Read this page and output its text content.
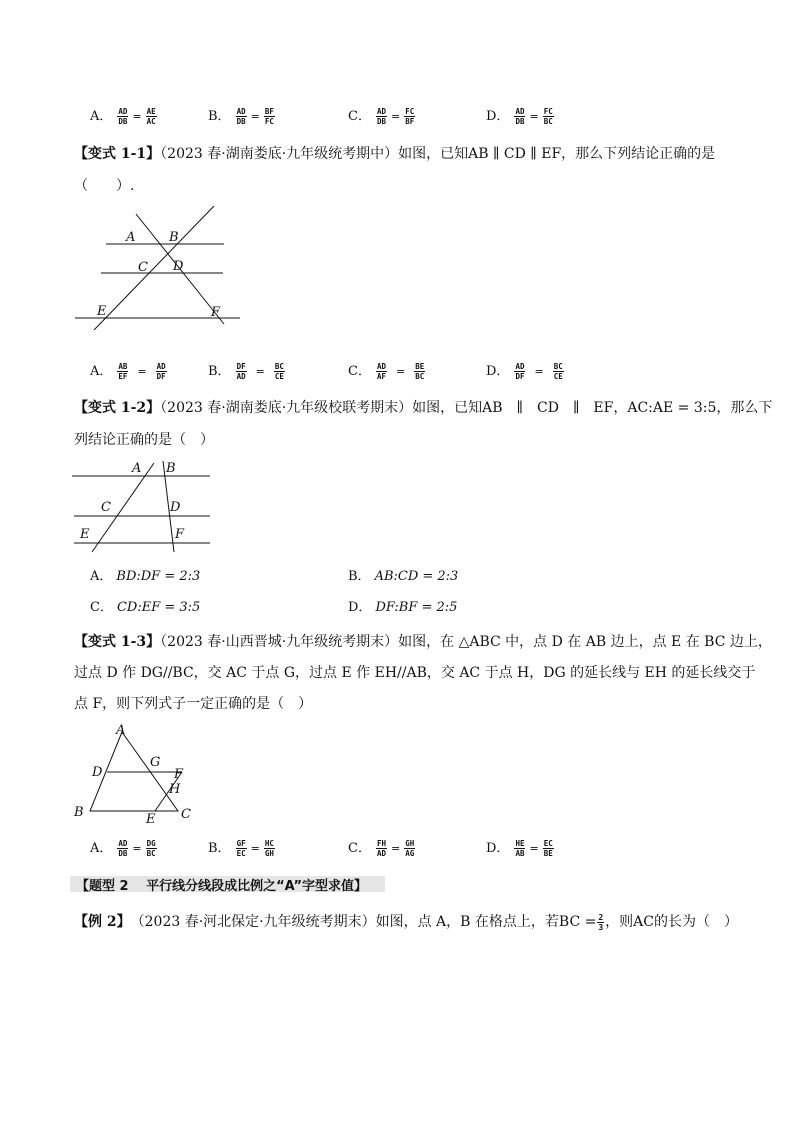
A． $\frac{AD}{DB} = \frac{AE}{AC}$	B． $\frac{AD}{DB} = \frac{BF}{FC}$	C． $\frac{AD}{DB} = \frac{FC}{BF}$	D． $\frac{AD}{DB} = \frac{FC}{BC}$
【变式 1-1】（2023 春·湖南娄底·九年级统考期中）如图，已知AB ∥ CD ∥ EF，那么下列结论正确的是
（　　）.
A	B
C D
E	F
A． $\frac{AB}{EF} = \frac{AD}{DF}$	B． $\frac{DF}{AD} = \frac{BC}{CE}$	C． $\frac{AD}{AF} = \frac{BE}{BC}$	D． $\frac{AD}{DF} = \frac{BC}{CE}$
【变式 1-2】（2023 春·湖南娄底·九年级校联考期末）如图，已知AB　∥　CD　∥　EF，AC:AE = 3:5，那么下
列结论正确的是（　）
A B
C	D
E	F
A． BD:DF = 2:3	B． AB:CD = 2:3
C． CD:EF = 3:5	D． DF:BF = 2:5
【变式 1-3】（2023 春·山西晋城·九年级统考期末）如图，在 △ABC 中，点 D 在 AB 边上，点 E 在 BC 边上，
过点 D 作 DG//BC，交 AC 于点 G，过点 E 作 EH//AB，交 AC 于点 H，DG 的延长线与 EH 的延长线交于
点 F，则下列式子一定正确的是（　）
A
D
G
F
H
B	E C
A． $\frac{AD}{DB} = \frac{DG}{BC}$	B． $\frac{GF}{EC} = \frac{HC}{GH}$	C． $\frac{FH}{AD} = \frac{GH}{AG}$	D． $\frac{HE}{AB} = \frac{EC}{BE}$
【题型 2　 平行线分线段成比例之“A”字型求值】
【例 2】 （2023 春·河北保定·九年级统考期末）如图，点 A，B 在格点上，若BC = $\frac{2}{3}$ ，则AC的长为（　）
